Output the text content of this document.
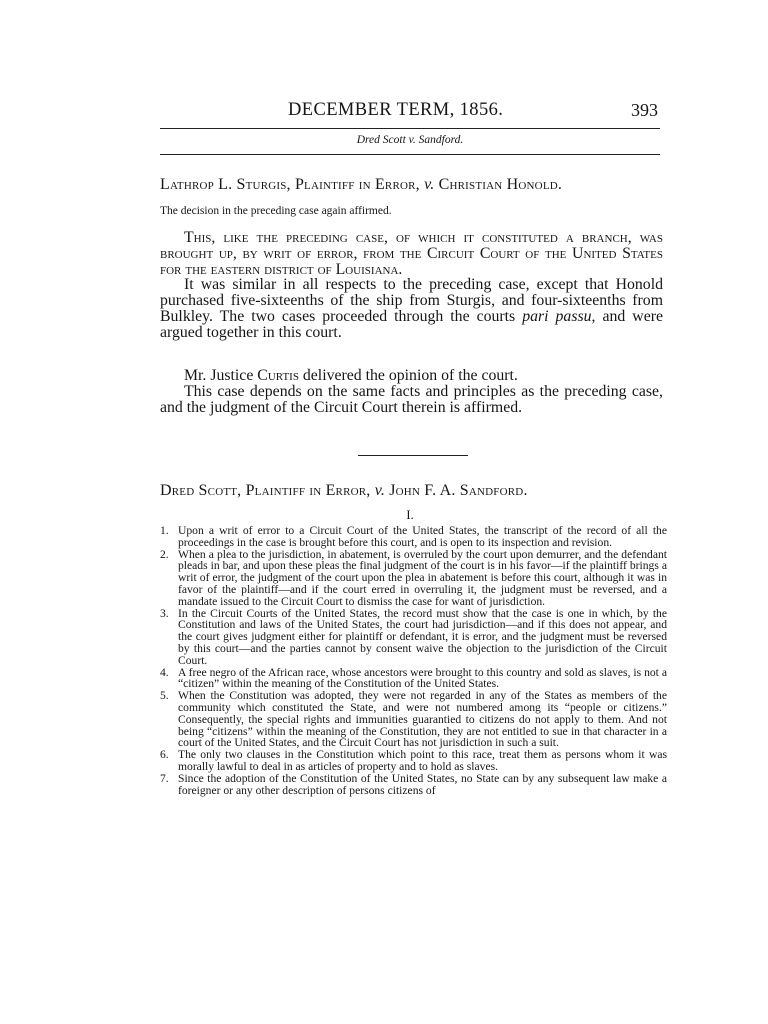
DECEMBER TERM, 1856.	393
Dred Scott v. Sandford.
Lathrop L. Sturgis, Plaintiff in Error, v. Christian Honold.
The decision in the preceding case again affirmed.

This, like the preceding case, of which it constituted a branch, was brought up, by writ of error, from the Circuit Court of the United States for the eastern district of Louisiana.

It was similar in all respects to the preceding case, except that Honold purchased five-sixteenths of the ship from Sturgis, and four-sixteenths from Bulkley. The two cases proceeded through the courts pari passu, and were argued together in this court.

Mr. Justice Curtis delivered the opinion of the court.

This case depends on the same facts and principles as the preceding case, and the judgment of the Circuit Court therein is affirmed.

Dred Scott, Plaintiff in Error, v. John F. A. Sandford.
I.
1. Upon a writ of error to a Circuit Court of the United States, the transcript of the record of all the proceedings in the case is brought before this court, and is open to its inspection and revision.
2. When a plea to the jurisdiction, in abatement, is overruled by the court upon demurrer, and the defendant pleads in bar, and upon these pleas the final judgment of the court is in his favor—if the plaintiff brings a writ of error, the judgment of the court upon the plea in abatement is before this court, although it was in favor of the plaintiff—and if the court erred in overruling it, the judgment must be reversed, and a mandate issued to the Circuit Court to dismiss the case for want of jurisdiction.
3. In the Circuit Courts of the United States, the record must show that the case is one in which, by the Constitution and laws of the United States, the court had jurisdiction—and if this does not appear, and the court gives judgment either for plaintiff or defendant, it is error, and the judgment must be reversed by this court—and the parties cannot by consent waive the objection to the jurisdiction of the Circuit Court.
4. A free negro of the African race, whose ancestors were brought to this country and sold as slaves, is not a “citizen” within the meaning of the Constitution of the United States.
5. When the Constitution was adopted, they were not regarded in any of the States as members of the community which constituted the State, and were not numbered among its “people or citizens.” Consequently, the special rights and immunities guarantied to citizens do not apply to them. And not being “citizens” within the meaning of the Constitution, they are not entitled to sue in that character in a court of the United States, and the Circuit Court has not jurisdiction in such a suit.
6. The only two clauses in the Constitution which point to this race, treat them as persons whom it was morally lawful to deal in as articles of property and to hold as slaves.
7. Since the adoption of the Constitution of the United States, no State can by any subsequent law make a foreigner or any other description of persons citizens of
